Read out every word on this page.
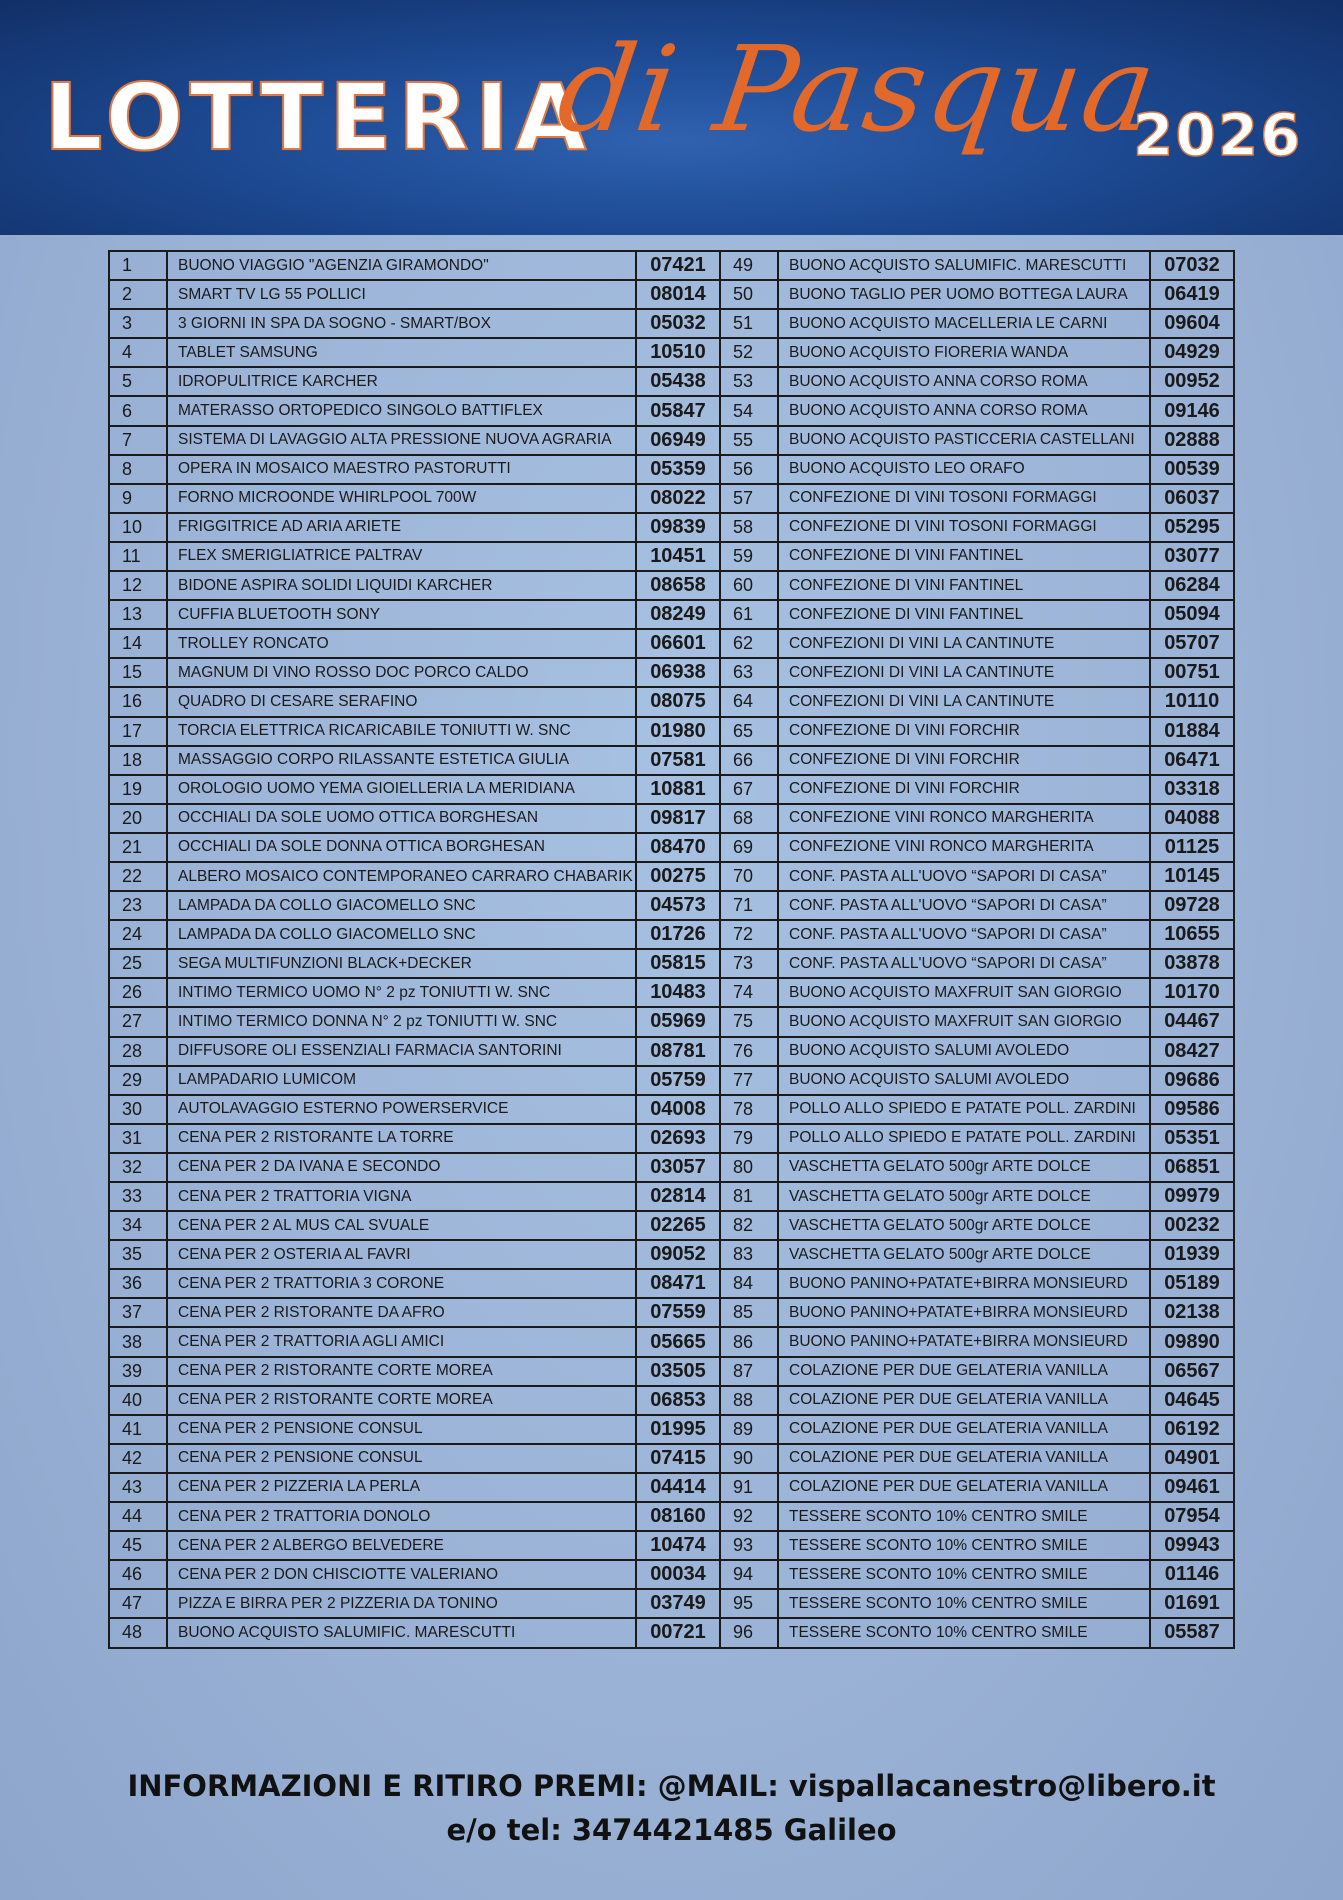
LOTTERIA
di Pasqua
2026
1	BUONO VIAGGIO "AGENZIA GIRAMONDO"	07421	49	BUONO ACQUISTO SALUMIFIC. MARESCUTTI	07032
2	SMART TV LG 55 POLLICI	08014	50	BUONO TAGLIO PER UOMO BOTTEGA LAURA	06419
3	3 GIORNI IN SPA DA SOGNO - SMART/BOX	05032	51	BUONO ACQUISTO MACELLERIA LE CARNI	09604
4	TABLET SAMSUNG	10510	52	BUONO ACQUISTO FIORERIA WANDA	04929
5	IDROPULITRICE KARCHER	05438	53	BUONO ACQUISTO ANNA CORSO ROMA	00952
6	MATERASSO ORTOPEDICO SINGOLO BATTIFLEX	05847	54	BUONO ACQUISTO ANNA CORSO ROMA	09146
7	SISTEMA DI LAVAGGIO ALTA PRESSIONE NUOVA AGRARIA	06949	55	BUONO ACQUISTO PASTICCERIA CASTELLANI	02888
8	OPERA IN MOSAICO MAESTRO PASTORUTTI	05359	56	BUONO ACQUISTO LEO ORAFO	00539
9	FORNO MICROONDE WHIRLPOOL 700W	08022	57	CONFEZIONE DI VINI TOSONI FORMAGGI	06037
10	FRIGGITRICE AD ARIA ARIETE	09839	58	CONFEZIONE DI VINI TOSONI FORMAGGI	05295
11	FLEX SMERIGLIATRICE PALTRAV	10451	59	CONFEZIONE DI VINI FANTINEL	03077
12	BIDONE ASPIRA SOLIDI LIQUIDI KARCHER	08658	60	CONFEZIONE DI VINI FANTINEL	06284
13	CUFFIA BLUETOOTH SONY	08249	61	CONFEZIONE DI VINI FANTINEL	05094
14	TROLLEY RONCATO	06601	62	CONFEZIONI DI VINI LA CANTINUTE	05707
15	MAGNUM DI VINO ROSSO DOC PORCO CALDO	06938	63	CONFEZIONI DI VINI LA CANTINUTE	00751
16	QUADRO DI CESARE SERAFINO	08075	64	CONFEZIONI DI VINI LA CANTINUTE	10110
17	TORCIA ELETTRICA RICARICABILE TONIUTTI W. SNC	01980	65	CONFEZIONE DI VINI FORCHIR	01884
18	MASSAGGIO CORPO RILASSANTE ESTETICA GIULIA	07581	66	CONFEZIONE DI VINI FORCHIR	06471
19	OROLOGIO UOMO YEMA GIOIELLERIA LA MERIDIANA	10881	67	CONFEZIONE DI VINI FORCHIR	03318
20	OCCHIALI DA SOLE UOMO OTTICA BORGHESAN	09817	68	CONFEZIONE VINI RONCO MARGHERITA	04088
21	OCCHIALI DA SOLE DONNA OTTICA BORGHESAN	08470	69	CONFEZIONE VINI RONCO MARGHERITA	01125
22	ALBERO MOSAICO CONTEMPORANEO CARRARO CHABARIK	00275	70	CONF. PASTA ALL'UOVO “SAPORI DI CASA”	10145
23	LAMPADA DA COLLO GIACOMELLO SNC	04573	71	CONF. PASTA ALL'UOVO “SAPORI DI CASA”	09728
24	LAMPADA DA COLLO GIACOMELLO SNC	01726	72	CONF. PASTA ALL'UOVO “SAPORI DI CASA”	10655
25	SEGA MULTIFUNZIONI BLACK+DECKER	05815	73	CONF. PASTA ALL'UOVO “SAPORI DI CASA”	03878
26	INTIMO TERMICO UOMO N° 2 pz TONIUTTI W. SNC	10483	74	BUONO ACQUISTO MAXFRUIT SAN GIORGIO	10170
27	INTIMO TERMICO DONNA N° 2 pz TONIUTTI W. SNC	05969	75	BUONO ACQUISTO MAXFRUIT SAN GIORGIO	04467
28	DIFFUSORE OLI ESSENZIALI FARMACIA SANTORINI	08781	76	BUONO ACQUISTO SALUMI AVOLEDO	08427
29	LAMPADARIO LUMICOM	05759	77	BUONO ACQUISTO SALUMI AVOLEDO	09686
30	AUTOLAVAGGIO ESTERNO POWERSERVICE	04008	78	POLLO ALLO SPIEDO E PATATE POLL. ZARDINI	09586
31	CENA PER 2 RISTORANTE LA TORRE	02693	79	POLLO ALLO SPIEDO E PATATE POLL. ZARDINI	05351
32	CENA PER 2 DA IVANA E SECONDO	03057	80	VASCHETTA GELATO 500gr ARTE DOLCE	06851
33	CENA PER 2 TRATTORIA VIGNA	02814	81	VASCHETTA GELATO 500gr ARTE DOLCE	09979
34	CENA PER 2 AL MUS CAL SVUALE	02265	82	VASCHETTA GELATO 500gr ARTE DOLCE	00232
35	CENA PER 2 OSTERIA AL FAVRI	09052	83	VASCHETTA GELATO 500gr ARTE DOLCE	01939
36	CENA PER 2 TRATTORIA 3 CORONE	08471	84	BUONO PANINO+PATATE+BIRRA MONSIEURD	05189
37	CENA PER 2 RISTORANTE DA AFRO	07559	85	BUONO PANINO+PATATE+BIRRA MONSIEURD	02138
38	CENA PER 2 TRATTORIA AGLI AMICI	05665	86	BUONO PANINO+PATATE+BIRRA MONSIEURD	09890
39	CENA PER 2 RISTORANTE CORTE MOREA	03505	87	COLAZIONE PER DUE GELATERIA VANILLA	06567
40	CENA PER 2 RISTORANTE CORTE MOREA	06853	88	COLAZIONE PER DUE GELATERIA VANILLA	04645
41	CENA PER 2 PENSIONE CONSUL	01995	89	COLAZIONE PER DUE GELATERIA VANILLA	06192
42	CENA PER 2 PENSIONE CONSUL	07415	90	COLAZIONE PER DUE GELATERIA VANILLA	04901
43	CENA PER 2 PIZZERIA LA PERLA	04414	91	COLAZIONE PER DUE GELATERIA VANILLA	09461
44	CENA PER 2 TRATTORIA DONOLO	08160	92	TESSERE SCONTO 10% CENTRO SMILE	07954
45	CENA PER 2 ALBERGO BELVEDERE	10474	93	TESSERE SCONTO 10% CENTRO SMILE	09943
46	CENA PER 2 DON CHISCIOTTE VALERIANO	00034	94	TESSERE SCONTO 10% CENTRO SMILE	01146
47	PIZZA E BIRRA PER 2 PIZZERIA DA TONINO	03749	95	TESSERE SCONTO 10% CENTRO SMILE	01691
48	BUONO ACQUISTO SALUMIFIC. MARESCUTTI	00721	96	TESSERE SCONTO 10% CENTRO SMILE	05587
INFORMAZIONI E RITIRO PREMI: @MAIL: vispallacanestro@libero.it
e/o tel: 3474421485 Galileo
